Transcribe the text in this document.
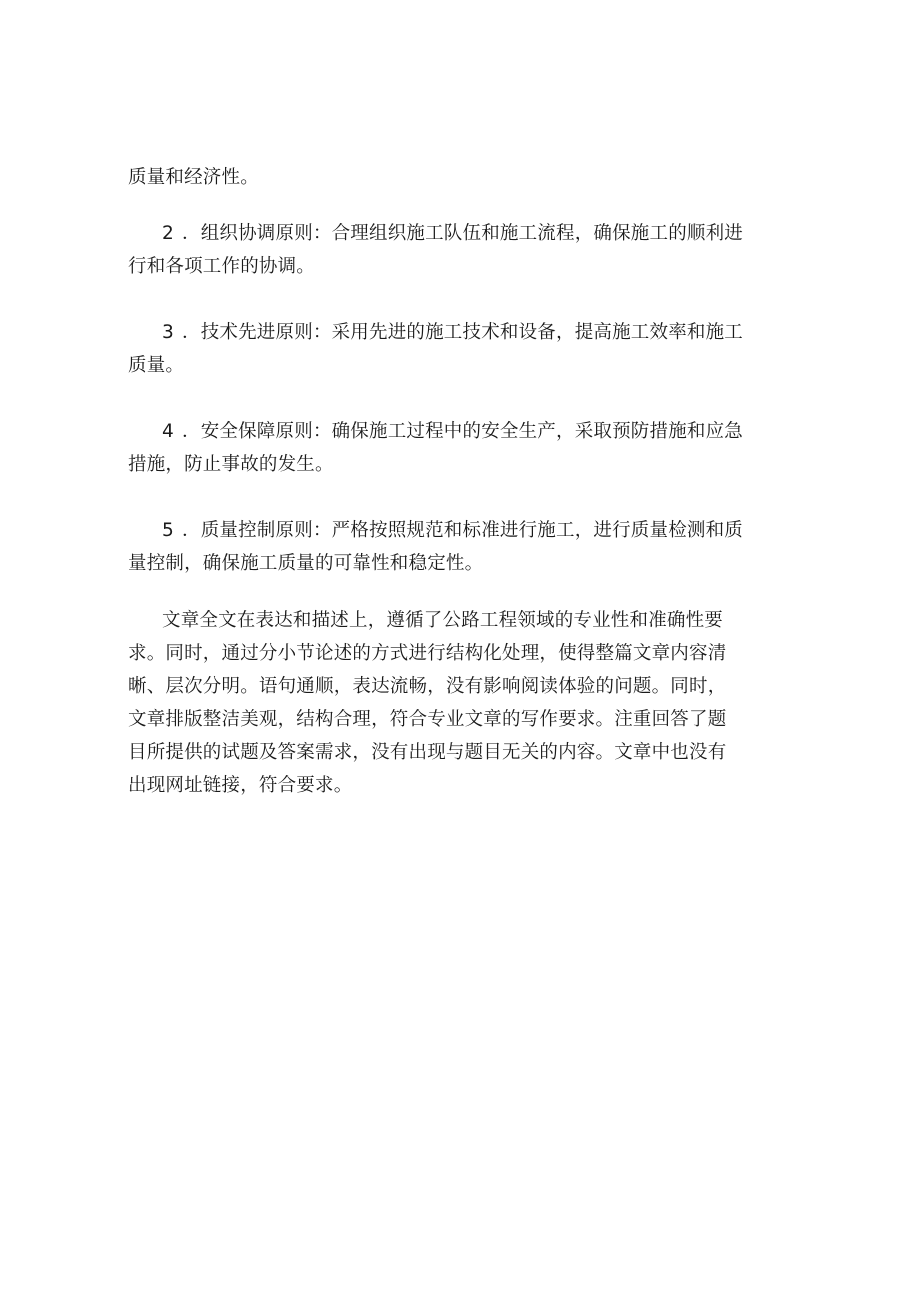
质量和经济性。
2 ．组织协调原则：合理组织施工队伍和施工流程，确保施工的顺利进
行和各项工作的协调。
3 ．技术先进原则：采用先进的施工技术和设备，提高施工效率和施工
质量。
4 ．安全保障原则：确保施工过程中的安全生产，采取预防措施和应急
措施，防止事故的发生。
5 ．质量控制原则：严格按照规范和标准进行施工，进行质量检测和质
量控制，确保施工质量的可靠性和稳定性。
文章全文在表达和描述上，遵循了公路工程领域的专业性和准确性要
求。同时，通过分小节论述的方式进行结构化处理，使得整篇文章内容清
晰、层次分明。语句通顺，表达流畅，没有影响阅读体验的问题。同时，
文章排版整洁美观，结构合理，符合专业文章的写作要求。注重回答了题
目所提供的试题及答案需求，没有出现与题目无关的内容。文章中也没有
出现网址链接，符合要求。
